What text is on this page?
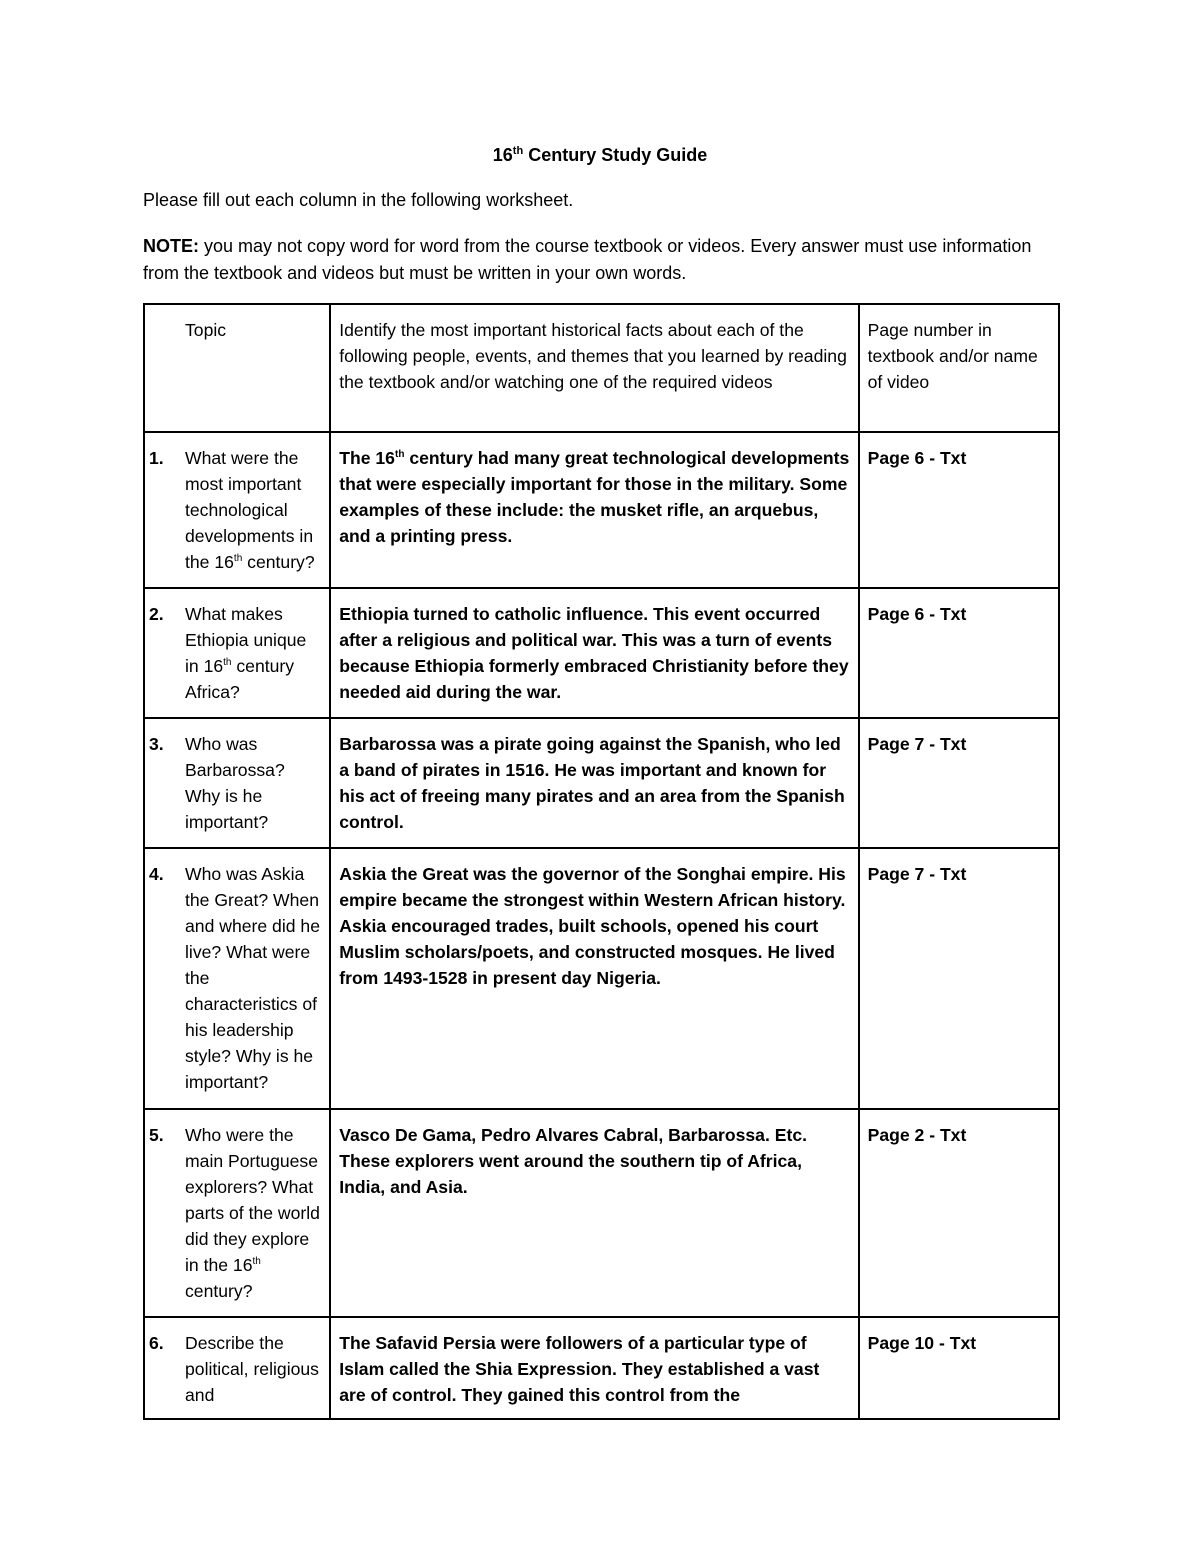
16th Century Study Guide
Please fill out each column in the following worksheet.
NOTE: you may not copy word for word from the course textbook or videos. Every answer must use information from the textbook and videos but must be written in your own words.
Topic	Identify the most important historical facts about each of the following people, events, and themes that you learned by reading the textbook and/or watching one of the required videos	Page number in textbook and/or name of video

1. What were the most important technological developments in the 16th century?	The 16th century had many great technological developments that were especially important for those in the military. Some examples of these include: the musket rifle, an arquebus, and a printing press.	Page 6 - Txt

2. What makes Ethiopia unique in 16th century Africa?	Ethiopia turned to catholic influence. This event occurred after a religious and political war. This was a turn of events because Ethiopia formerly embraced Christianity before they needed aid during the war.	Page 6 - Txt

3. Who was Barbarossa? Why is he important?	Barbarossa was a pirate going against the Spanish, who led a band of pirates in 1516. He was important and known for his act of freeing many pirates and an area from the Spanish control.	Page 7 - Txt

4. Who was Askia the Great? When and where did he live? What were the characteristics of his leadership style? Why is he important?	Askia the Great was the governor of the Songhai empire. His empire became the strongest within Western African history. Askia encouraged trades, built schools, opened his court Muslim scholars/poets, and constructed mosques. He lived from 1493-1528 in present day Nigeria.	Page 7 - Txt

5. Who were the main Portuguese explorers? What parts of the world did they explore in the 16th century?	Vasco De Gama, Pedro Alvares Cabral, Barbarossa. Etc. These explorers went around the southern tip of Africa, India, and Asia.	Page 2 - Txt

6. Describe the political, religious and	The Safavid Persia were followers of a particular type of Islam called the Shia Expression. They established a vast are of control. They gained this control from the	Page 10 - Txt
